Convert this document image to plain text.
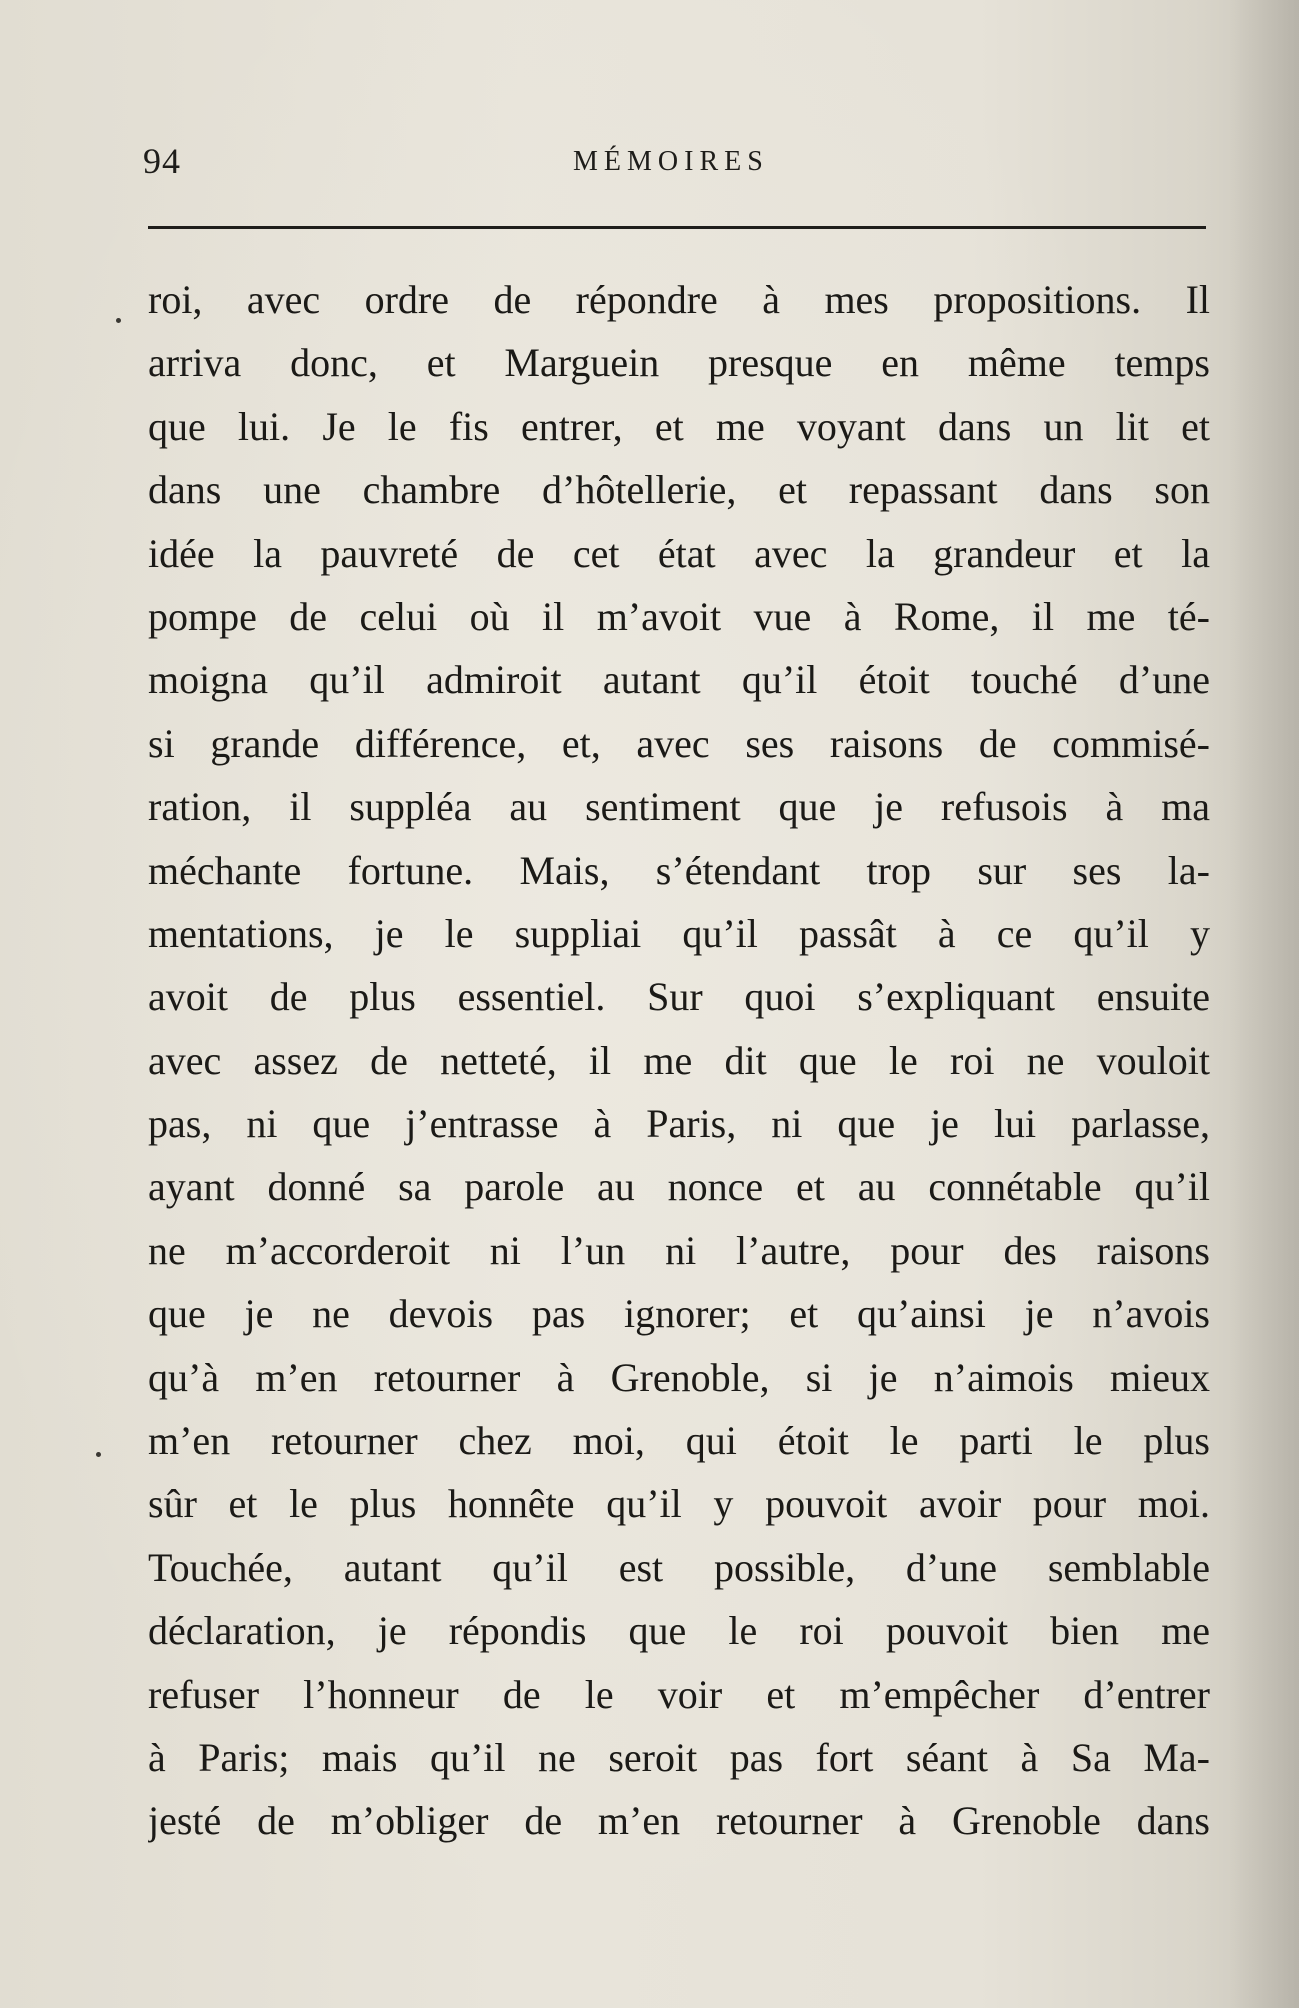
94	MÉMOIRES
roi, avec ordre de répondre à mes propositions. Il
arriva donc, et Marguein presque en même temps
que lui. Je le fis entrer, et me voyant dans un lit et
dans une chambre d’hôtellerie, et repassant dans son
idée la pauvreté de cet état avec la grandeur et la
pompe de celui où il m’avoit vue à Rome, il me té-
moigna qu’il admiroit autant qu’il étoit touché d’une
si grande différence, et, avec ses raisons de commisé-
ration, il suppléa au sentiment que je refusois à ma
méchante fortune. Mais, s’étendant trop sur ses la-
mentations, je le suppliai qu’il passât à ce qu’il y
avoit de plus essentiel. Sur quoi s’expliquant ensuite
avec assez de netteté, il me dit que le roi ne vouloit
pas, ni que j’entrasse à Paris, ni que je lui parlasse,
ayant donné sa parole au nonce et au connétable qu’il
ne m’accorderoit ni l’un ni l’autre, pour des raisons
que je ne devois pas ignorer; et qu’ainsi je n’avois
qu’à m’en retourner à Grenoble, si je n’aimois mieux
m’en retourner chez moi, qui étoit le parti le plus
sûr et le plus honnête qu’il y pouvoit avoir pour moi.
Touchée, autant qu’il est possible, d’une semblable
déclaration, je répondis que le roi pouvoit bien me
refuser l’honneur de le voir et m’empêcher d’entrer
à Paris; mais qu’il ne seroit pas fort séant à Sa Ma-
jesté de m’obliger de m’en retourner à Grenoble dans
